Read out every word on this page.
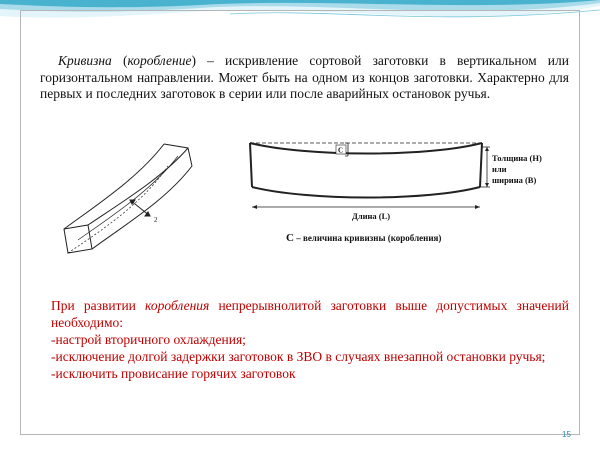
Кривизна (коробление) – искривление сортовой заготовки в вертикальном или горизонтальном направлении. Может быть на одном из концов заготовки. Характерно для первых и последних заготовок в серии или после аварийных остановок ручья.

2
C
Толщина (H)
или
ширина (B)
Длина (L)
С – величина кривизны (коробления)

При развитии коробления непрерывнолитой заготовки выше допустимых значений необходимо:

-настрой вторичного охлаждения;

-исключение долгой задержки заготовок в ЗВО в случаях внезапной остановки ручья;

-исключить провисание горячих заготовок

15
